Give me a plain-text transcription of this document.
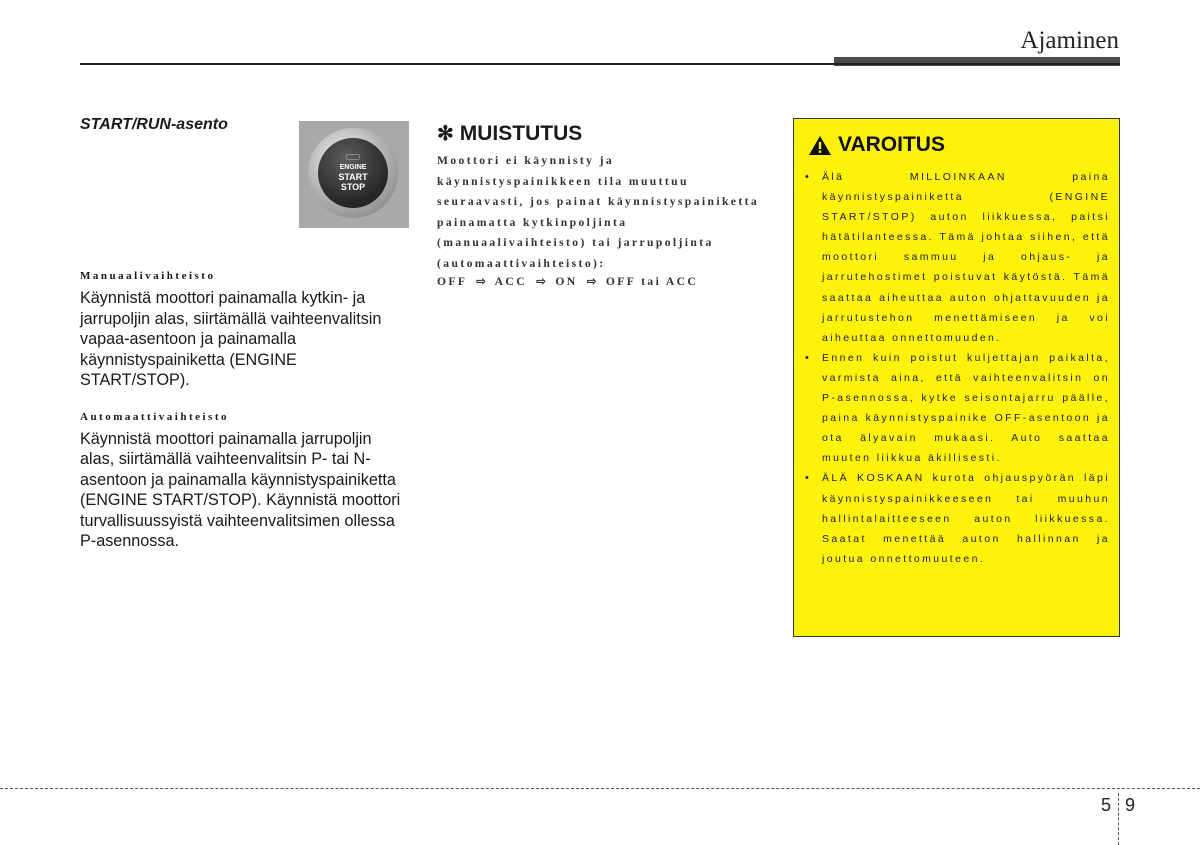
Ajaminen

START/RUN-asento

Manuaalivaihteisto

Käynnistä moottori painamalla kytkin- ja jarrupoljin alas, siirtämällä vaihteenvalitsin vapaa-asentoon ja painamalla käynnistyspainiketta (ENGINE START/STOP).

Automaattivaihteisto

Käynnistä moottori painamalla jarrupoljin alas, siirtämällä vaihteenvalitsin P- tai N-asentoon ja painamalla käynnistyspainiketta (ENGINE START/STOP). Käynnistä moottori turvallisuussyistä vaihteenvalitsimen ollessa P-asennossa.

ENGINE
START
STOP
✻ MUISTUTUS

Moottori ei käynnisty ja käynnistyspainikkeen tila muuttuu seuraavasti, jos painat käynnistyspainiketta painamatta kytkinpoljinta (manuaalivaihteisto) tai jarrupoljinta (automaattivaihteisto):

OFF ⇨ ACC ⇨ ON ⇨ OFF tai ACC
VAROITUS
• Älä MILLOINKAAN paina käynnistyspainiketta (ENGINE START/STOP) auton liikkuessa, paitsi hätätilanteessa. Tämä johtaa siihen, että moottori sammuu ja ohjaus- ja jarrutehostimet poistuvat käytöstä. Tämä saattaa aiheuttaa auton ohjattavuuden ja jarrutustehon menettämiseen ja voi aiheuttaa onnettomuuden.
• Ennen kuin poistut kuljettajan paikalta, varmista aina, että vaihteenvalitsin on P-asennossa, kytke seisontajarru päälle, paina käynnistyspainike OFF-asentoon ja ota älyavain mukaasi. Auto saattaa muuten liikkua äkillisesti.
• ÄLÄ KOSKAAN kurota ohjauspyörän läpi käynnistyspainikkeeseen tai muuhun hallintalaitteeseen auton liikkuessa. Saatat menettää auton hallinnan ja joutua onnettomuuteen.
5 9
